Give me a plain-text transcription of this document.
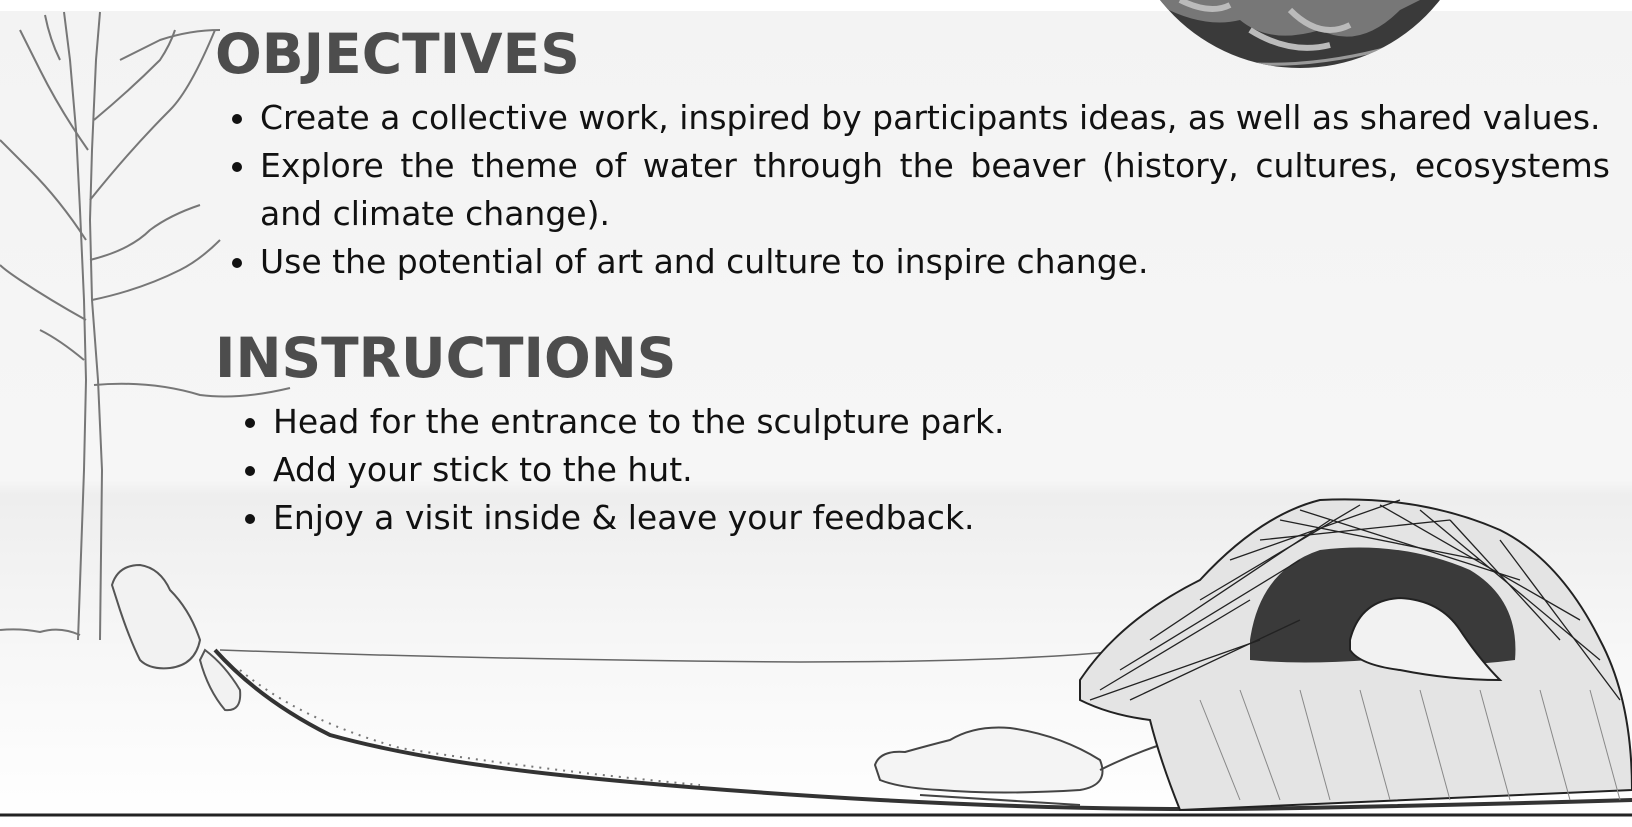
OBJECTIVES
Create a collective work, inspired by participants ideas, as well as shared values.
Explore the theme of water through the beaver (history, cultures, ecosystems and climate change).
Use the potential of art and culture to inspire change.
INSTRUCTIONS
Head for the entrance to the sculpture park.
Add your stick to the hut.
Enjoy a visit inside & leave your feedback.
